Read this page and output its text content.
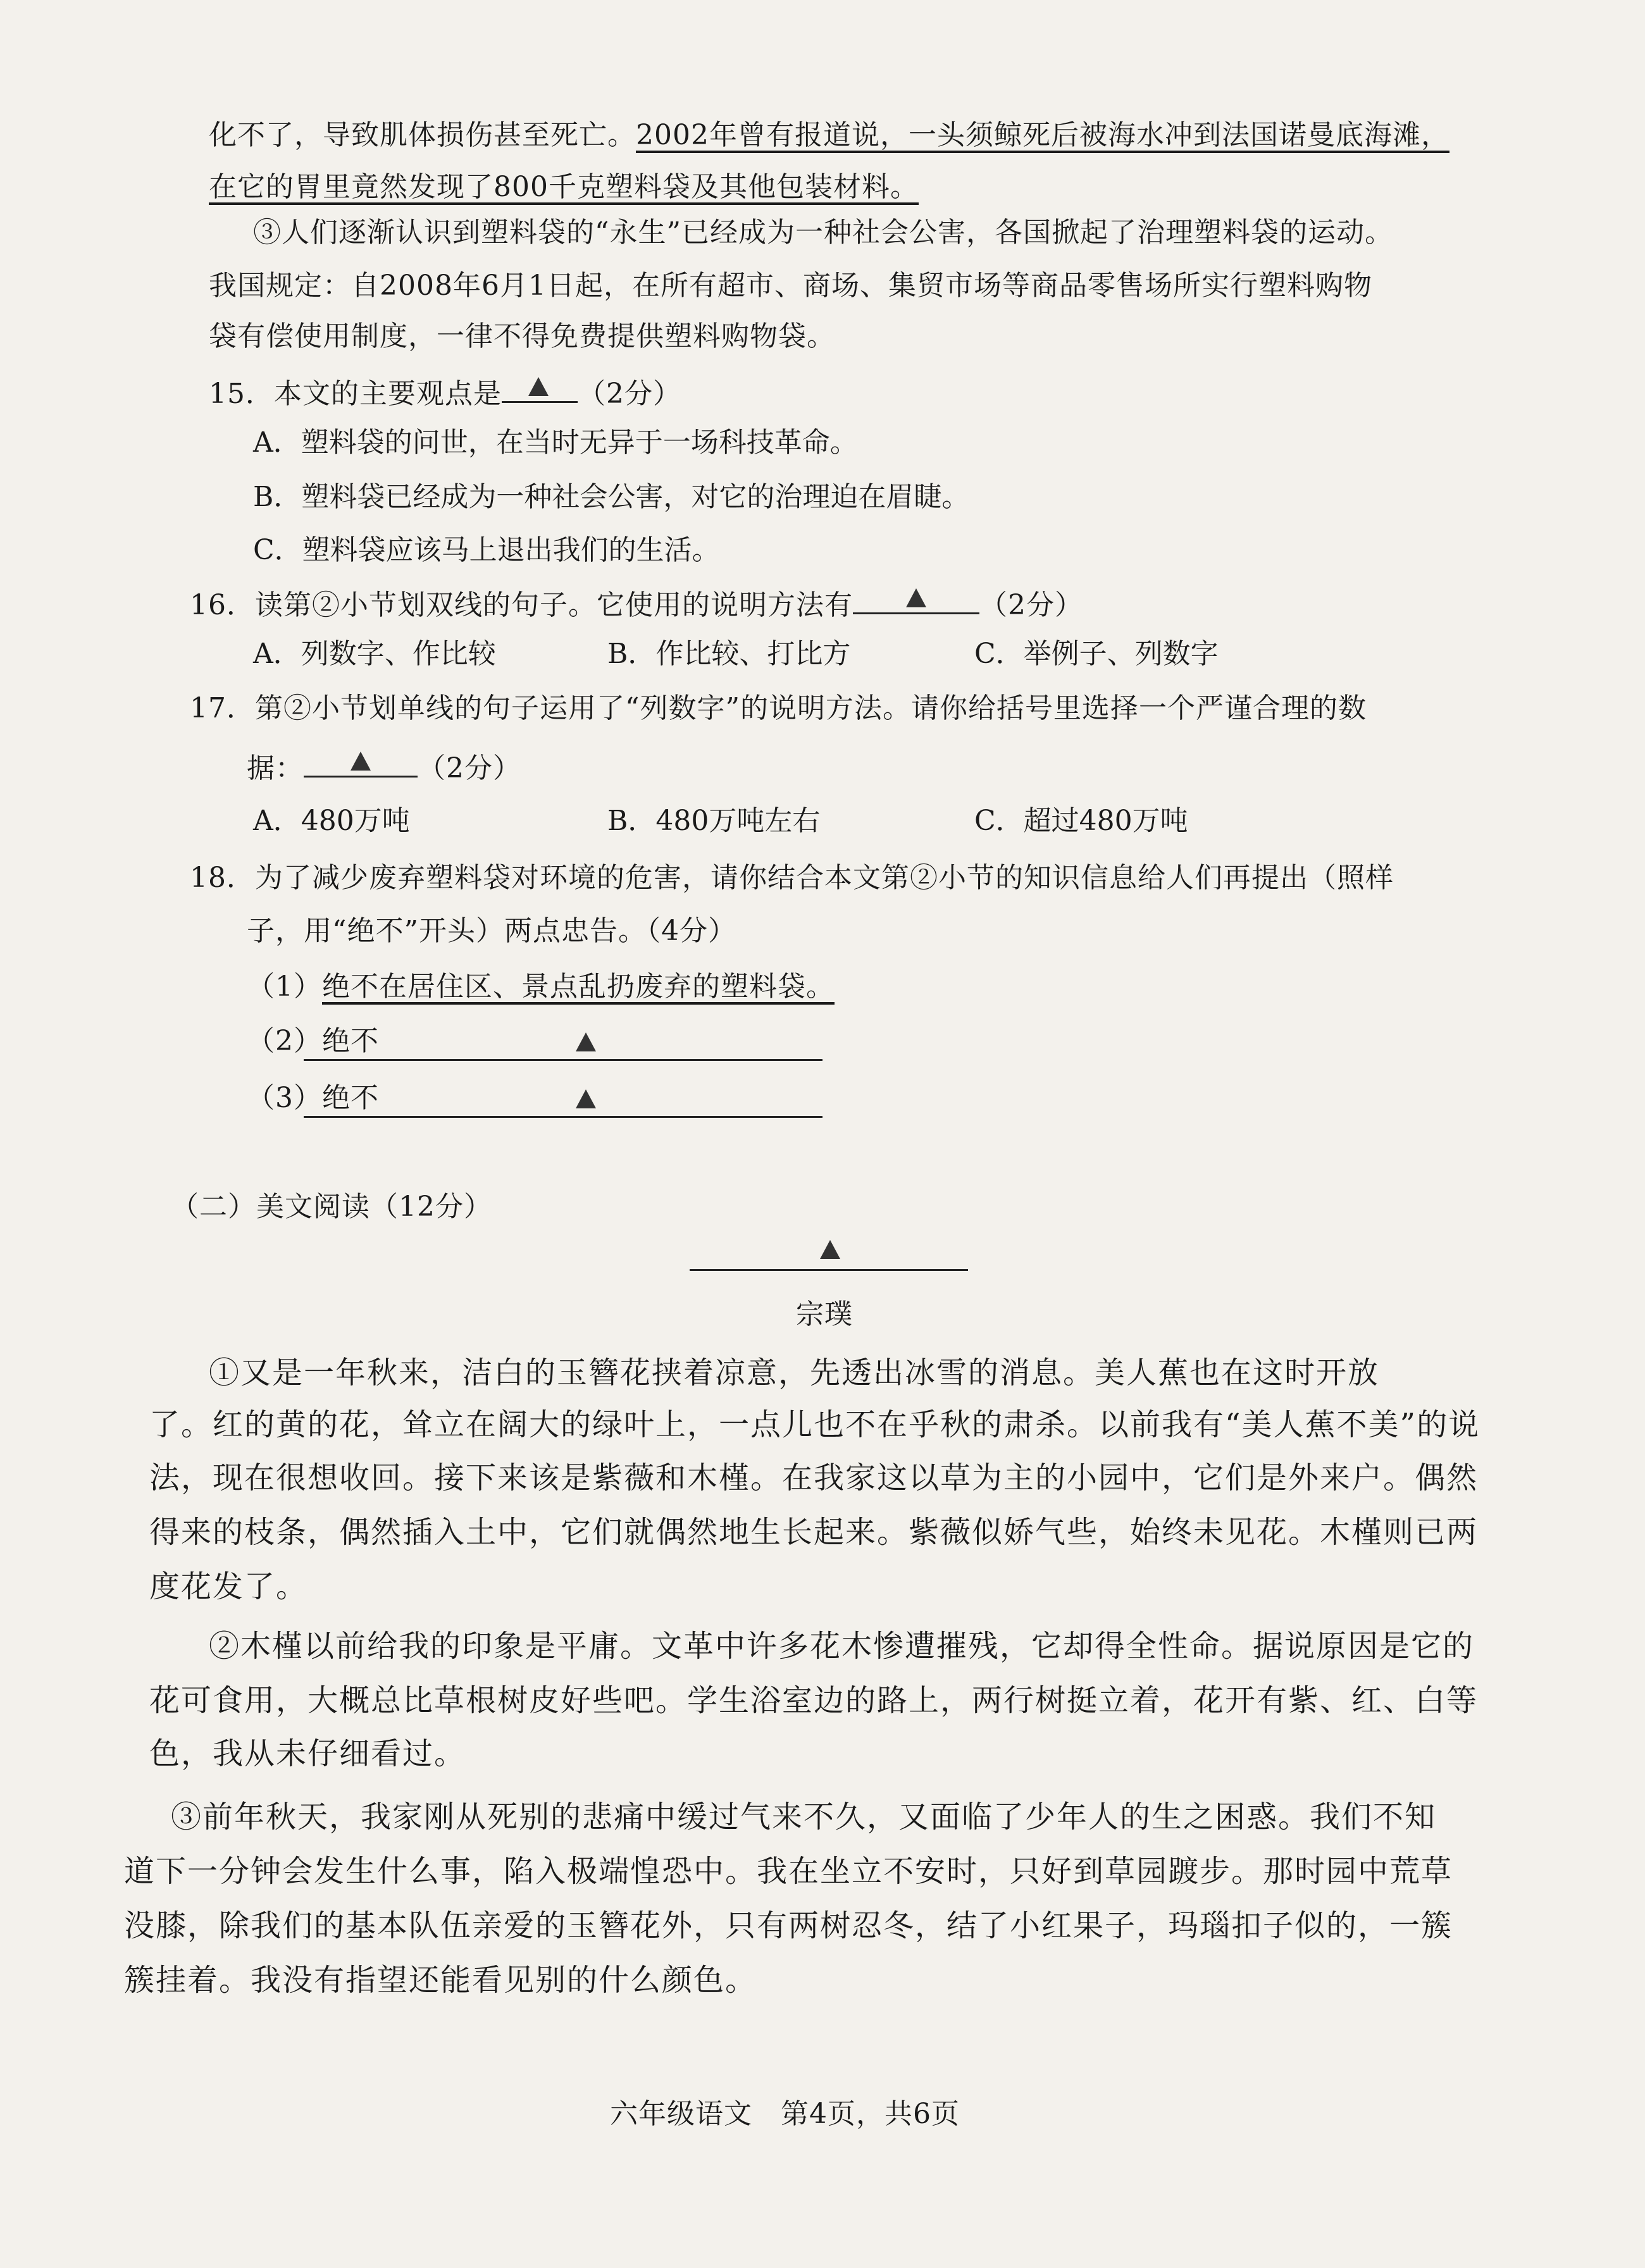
化不了，导致肌体损伤甚至死亡。2002年曾有报道说，一头须鲸死后被海水冲到法国诺曼底海滩，
在它的胃里竟然发现了800千克塑料袋及其他包装材料。
③人们逐渐认识到塑料袋的“永生”已经成为一种社会公害，各国掀起了治理塑料袋的运动。
我国规定：自2008年6月1日起，在所有超市、商场、集贸市场等商品零售场所实行塑料购物
袋有偿使用制度，一律不得免费提供塑料购物袋。
15．本文的主要观点是	（2分）
A．塑料袋的问世，在当时无异于一场科技革命。
B．塑料袋已经成为一种社会公害，对它的治理迫在眉睫。
C．塑料袋应该马上退出我们的生活。
16．读第②小节划双线的句子。它使用的说明方法有	（2分）
A．列数字、作比较	B．作比较、打比方	C．举例子、列数字
17．第②小节划单线的句子运用了“列数字”的说明方法。请你给括号里选择一个严谨合理的数
据：	（2分）
A．480万吨	B．480万吨左右	C．超过480万吨
18．为了减少废弃塑料袋对环境的危害，请你结合本文第②小节的知识信息给人们再提出（照样
子，用“绝不”开头）两点忠告。（4分）
（1）绝不在居住区、景点乱扔废弃的塑料袋。
（2）绝不
（3）绝不
（二）美文阅读（12分）
宗璞
①又是一年秋来，洁白的玉簪花挟着凉意，先透出冰雪的消息。美人蕉也在这时开放
了。红的黄的花，耸立在阔大的绿叶上，一点儿也不在乎秋的肃杀。以前我有“美人蕉不美”的说
法，现在很想收回。接下来该是紫薇和木槿。在我家这以草为主的小园中，它们是外来户。偶然
得来的枝条，偶然插入土中，它们就偶然地生长起来。紫薇似娇气些，始终未见花。木槿则已两
度花发了。
②木槿以前给我的印象是平庸。文革中许多花木惨遭摧残，它却得全性命。据说原因是它的
花可食用，大概总比草根树皮好些吧。学生浴室边的路上，两行树挺立着，花开有紫、红、白等
色，我从未仔细看过。
③前年秋天，我家刚从死别的悲痛中缓过气来不久，又面临了少年人的生之困惑。我们不知
道下一分钟会发生什么事，陷入极端惶恐中。我在坐立不安时，只好到草园踱步。那时园中荒草
没膝，除我们的基本队伍亲爱的玉簪花外，只有两树忍冬，结了小红果子，玛瑙扣子似的，一簇
簇挂着。我没有指望还能看见别的什么颜色。
六年级语文　第4页，共6页
